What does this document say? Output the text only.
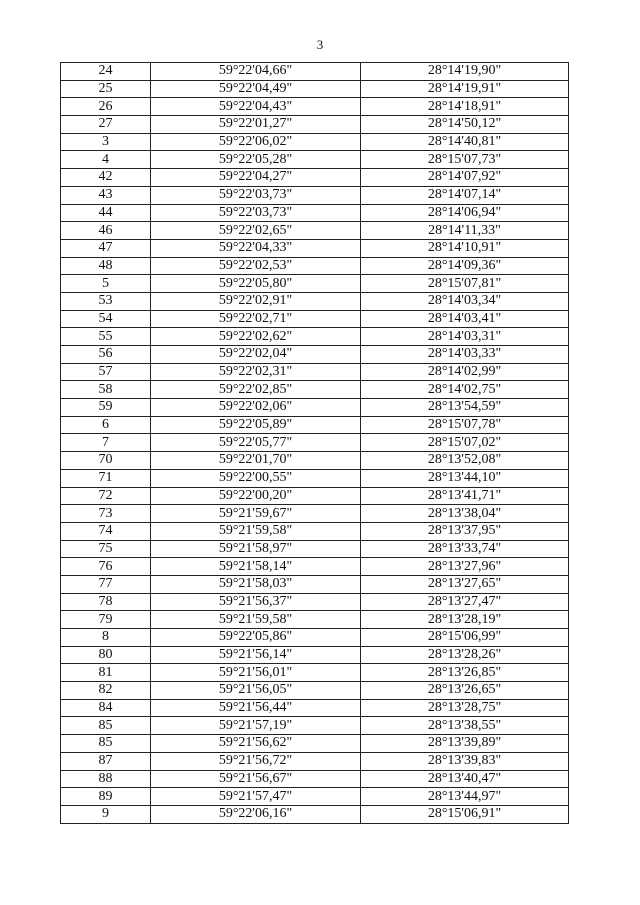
3
24	59°22'04,66"	28°14'19,90"
25	59°22'04,49"	28°14'19,91"
26	59°22'04,43"	28°14'18,91"
27	59°22'01,27"	28°14'50,12"
3	59°22'06,02"	28°14'40,81"
4	59°22'05,28"	28°15'07,73"
42	59°22'04,27"	28°14'07,92"
43	59°22'03,73"	28°14'07,14"
44	59°22'03,73"	28°14'06,94"
46	59°22'02,65"	28°14'11,33"
47	59°22'04,33"	28°14'10,91"
48	59°22'02,53"	28°14'09,36"
5	59°22'05,80"	28°15'07,81"
53	59°22'02,91"	28°14'03,34"
54	59°22'02,71"	28°14'03,41"
55	59°22'02,62"	28°14'03,31"
56	59°22'02,04"	28°14'03,33"
57	59°22'02,31"	28°14'02,99"
58	59°22'02,85"	28°14'02,75"
59	59°22'02,06"	28°13'54,59"
6	59°22'05,89"	28°15'07,78"
7	59°22'05,77"	28°15'07,02"
70	59°22'01,70"	28°13'52,08"
71	59°22'00,55"	28°13'44,10"
72	59°22'00,20"	28°13'41,71"
73	59°21'59,67"	28°13'38,04"
74	59°21'59,58"	28°13'37,95"
75	59°21'58,97"	28°13'33,74"
76	59°21'58,14"	28°13'27,96"
77	59°21'58,03"	28°13'27,65"
78	59°21'56,37"	28°13'27,47"
79	59°21'59,58"	28°13'28,19"
8	59°22'05,86"	28°15'06,99"
80	59°21'56,14"	28°13'28,26"
81	59°21'56,01"	28°13'26,85"
82	59°21'56,05"	28°13'26,65"
84	59°21'56,44"	28°13'28,75"
85	59°21'57,19"	28°13'38,55"
85	59°21'56,62"	28°13'39,89"
87	59°21'56,72"	28°13'39,83"
88	59°21'56,67"	28°13'40,47"
89	59°21'57,47"	28°13'44,97"
9	59°22'06,16"	28°15'06,91"
